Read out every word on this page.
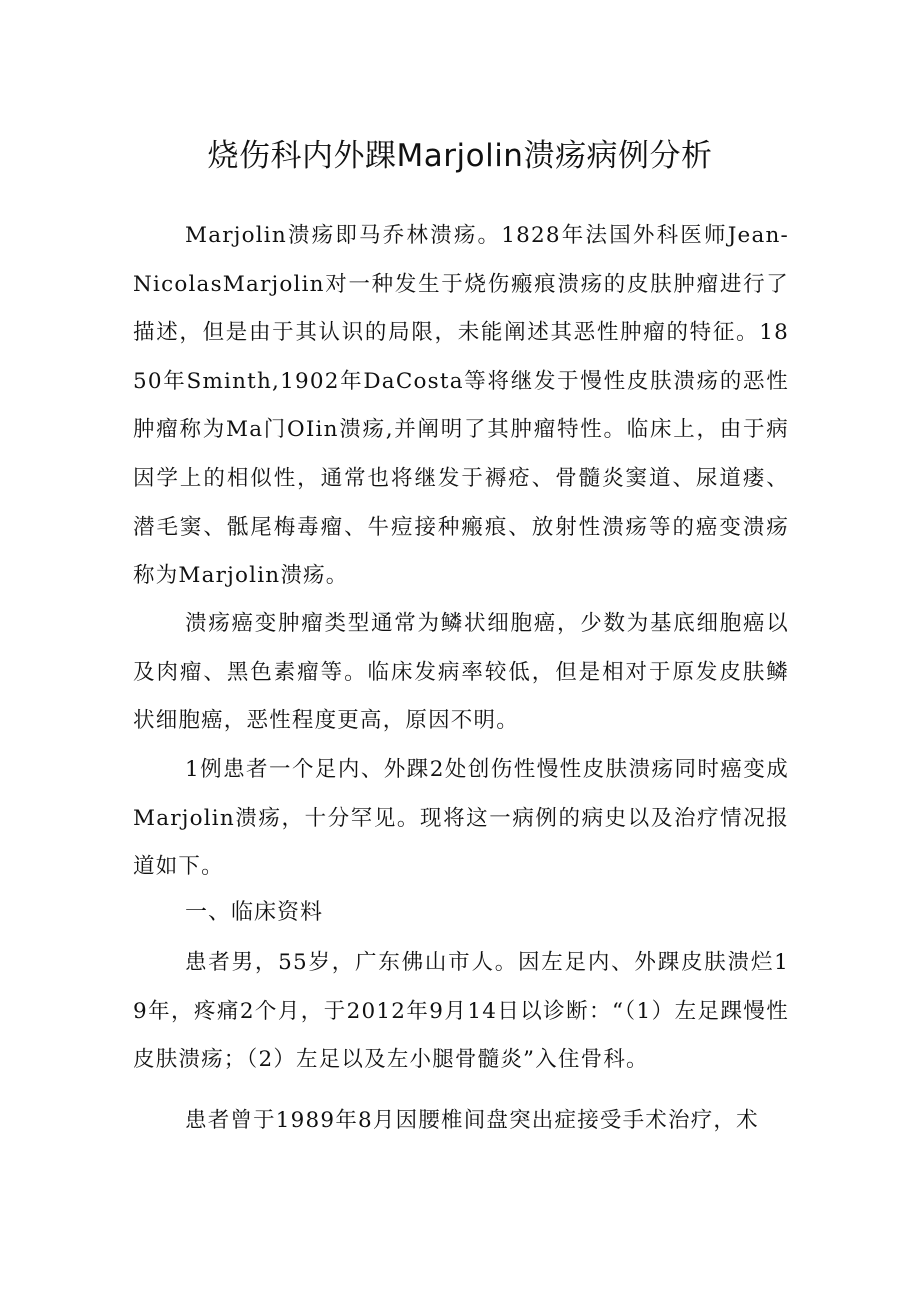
烧伤科内外踝Marjolin溃疡病例分析

Marjolin溃疡即马乔林溃疡。1828年法国外科医师Jean-NicolasMarjolin对一种发生于烧伤瘢痕溃疡的皮肤肿瘤进行了描述，但是由于其认识的局限，未能阐述其恶性肿瘤的特征。1850年Sminth,1902年DaCosta等将继发于慢性皮肤溃疡的恶性肿瘤称为Ma门OIin溃疡,并阐明了其肿瘤特性。临床上，由于病因学上的相似性，通常也将继发于褥疮、骨髓炎窦道、尿道瘘、潜毛窦、骶尾梅毒瘤、牛痘接种瘢痕、放射性溃疡等的癌变溃疡称为Marjolin溃疡。

溃疡癌变肿瘤类型通常为鳞状细胞癌，少数为基底细胞癌以及肉瘤、黑色素瘤等。临床发病率较低，但是相对于原发皮肤鳞状细胞癌，恶性程度更高，原因不明。

1例患者一个足内、外踝2处创伤性慢性皮肤溃疡同时癌变成Marjolin溃疡，十分罕见。现将这一病例的病史以及治疗情况报道如下。

一、临床资料

患者男，55岁，广东佛山市人。因左足内、外踝皮肤溃烂19年，疼痛2个月，于2012年9月14日以诊断：“（1）左足踝慢性皮肤溃疡；（2）左足以及左小腿骨髓炎”入住骨科。

患者曾于1989年8月因腰椎间盘突出症接受手术治疗，术
